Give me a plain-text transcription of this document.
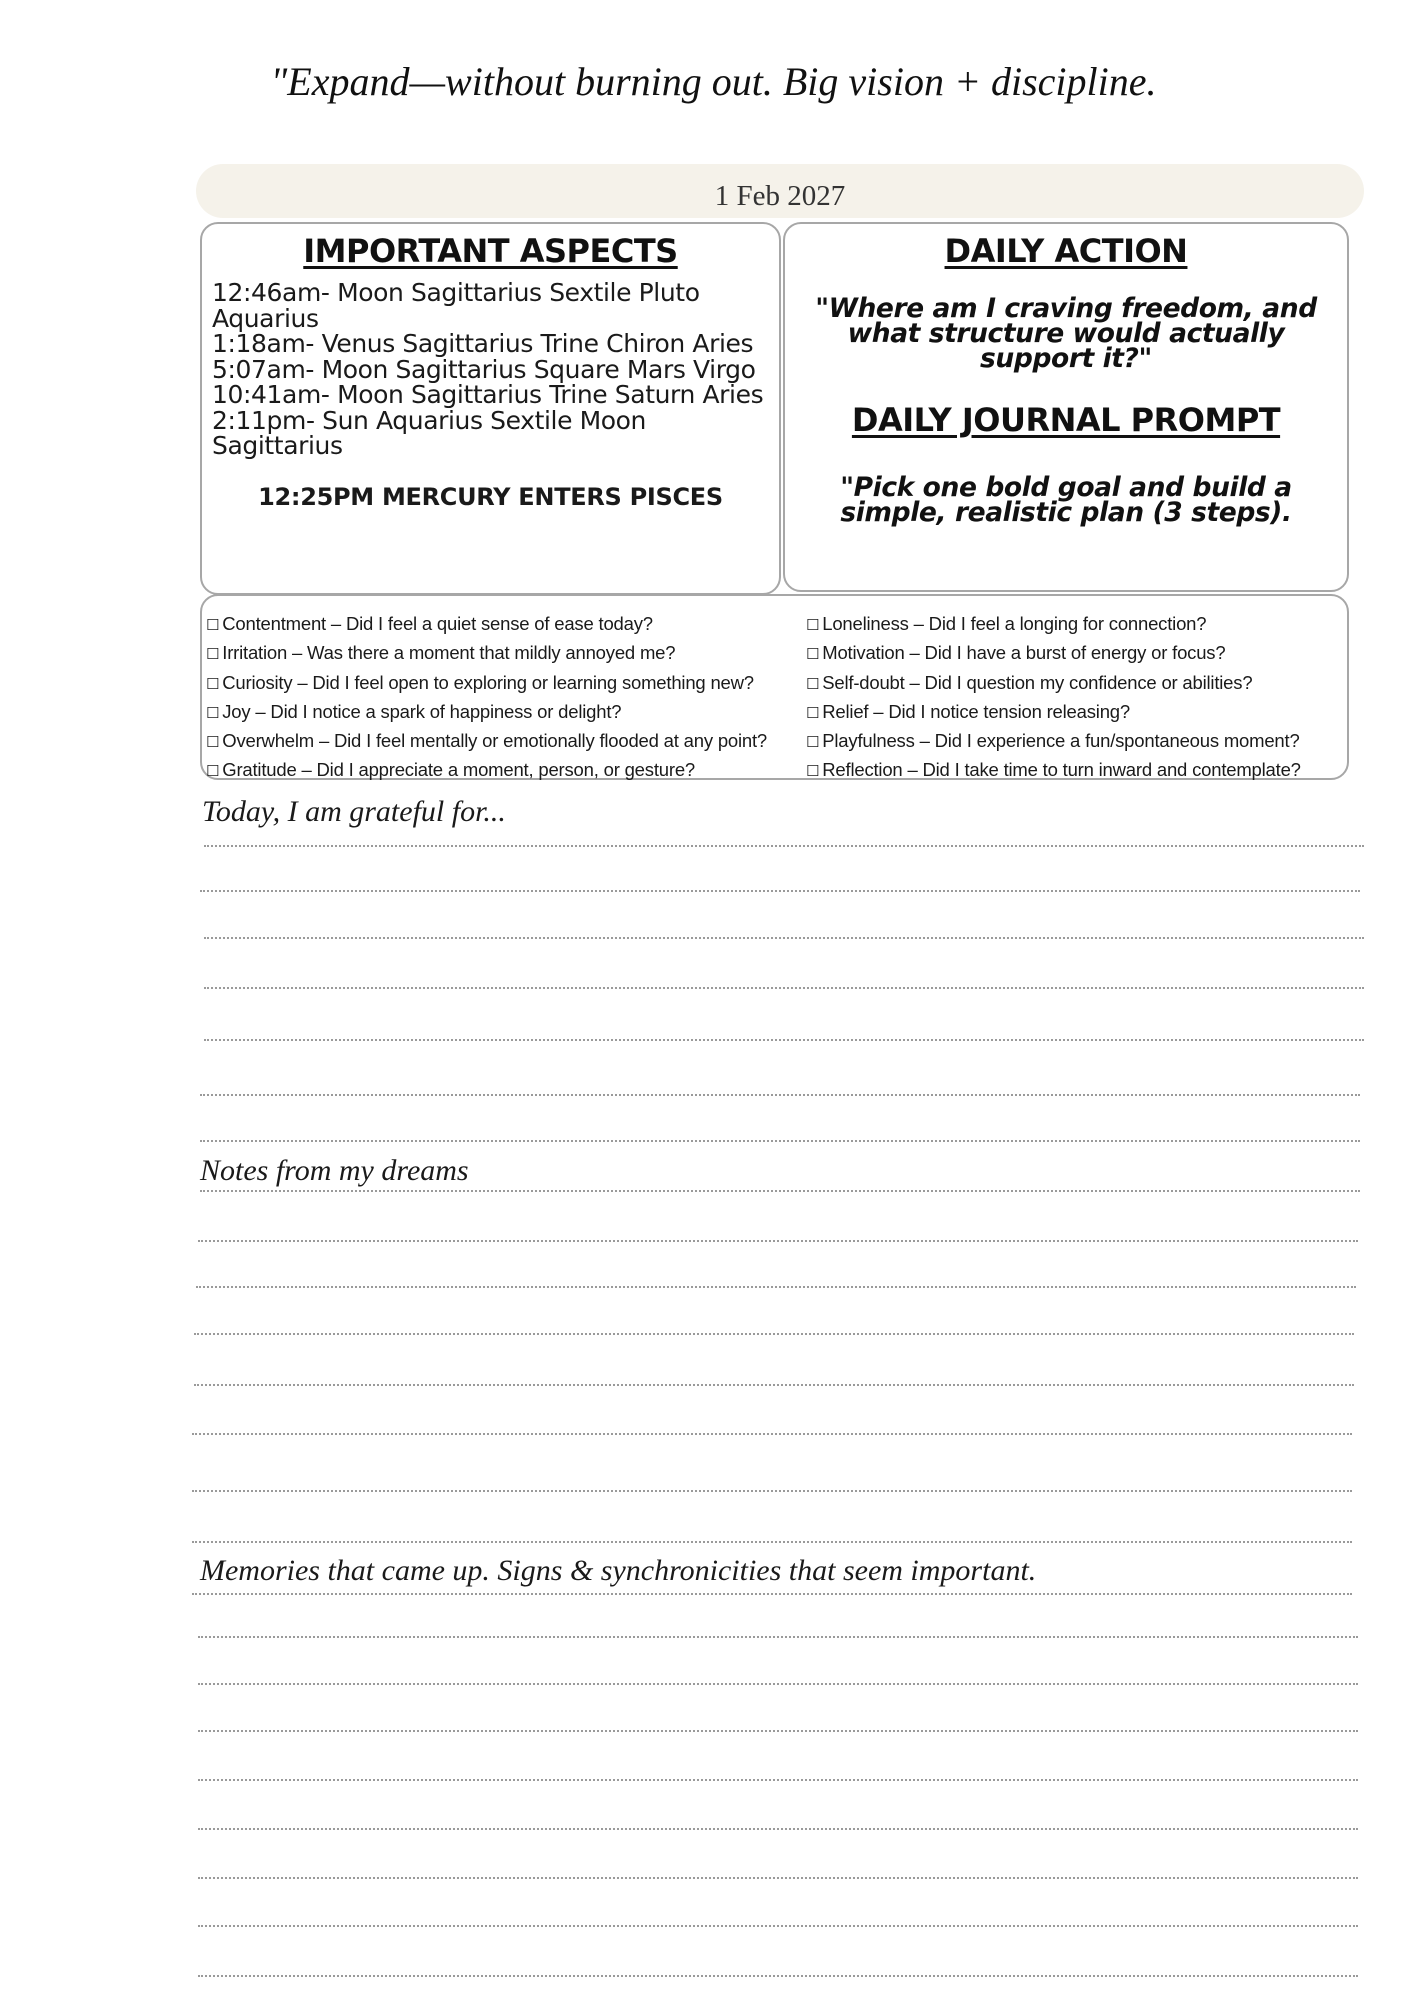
"Expand—without burning out. Big vision + discipline.
1 Feb 2027
IMPORTANT ASPECTS
12:46am- Moon Sagittarius Sextile Pluto
Aquarius
1:18am- Venus Sagittarius Trine Chiron Aries
5:07am- Moon Sagittarius Square Mars Virgo
10:41am- Moon Sagittarius Trine Saturn Aries
2:11pm- Sun Aquarius Sextile Moon
Sagittarius
12:25PM MERCURY ENTERS PISCES
DAILY ACTION
"Where am I craving freedom, and what structure would actually support it?"
DAILY JOURNAL PROMPT
"Pick one bold goal and build a simple, realistic plan (3 steps).
☐ Contentment – Did I feel a quiet sense of ease today?
☐ Irritation – Was there a moment that mildly annoyed me?
☐ Curiosity – Did I feel open to exploring or learning something new?
☐ Joy – Did I notice a spark of happiness or delight?
☐ Overwhelm – Did I feel mentally or emotionally flooded at any point?
☐ Gratitude – Did I appreciate a moment, person, or gesture?
☐ Loneliness – Did I feel a longing for connection?
☐ Motivation – Did I have a burst of energy or focus?
☐ Self-doubt – Did I question my confidence or abilities?
☐ Relief – Did I notice tension releasing?
☐ Playfulness – Did I experience a fun/spontaneous moment?
☐ Reflection – Did I take time to turn inward and contemplate?
Today, I am grateful for...
Notes from my dreams
Memories that came up. Signs & synchronicities that seem important.
